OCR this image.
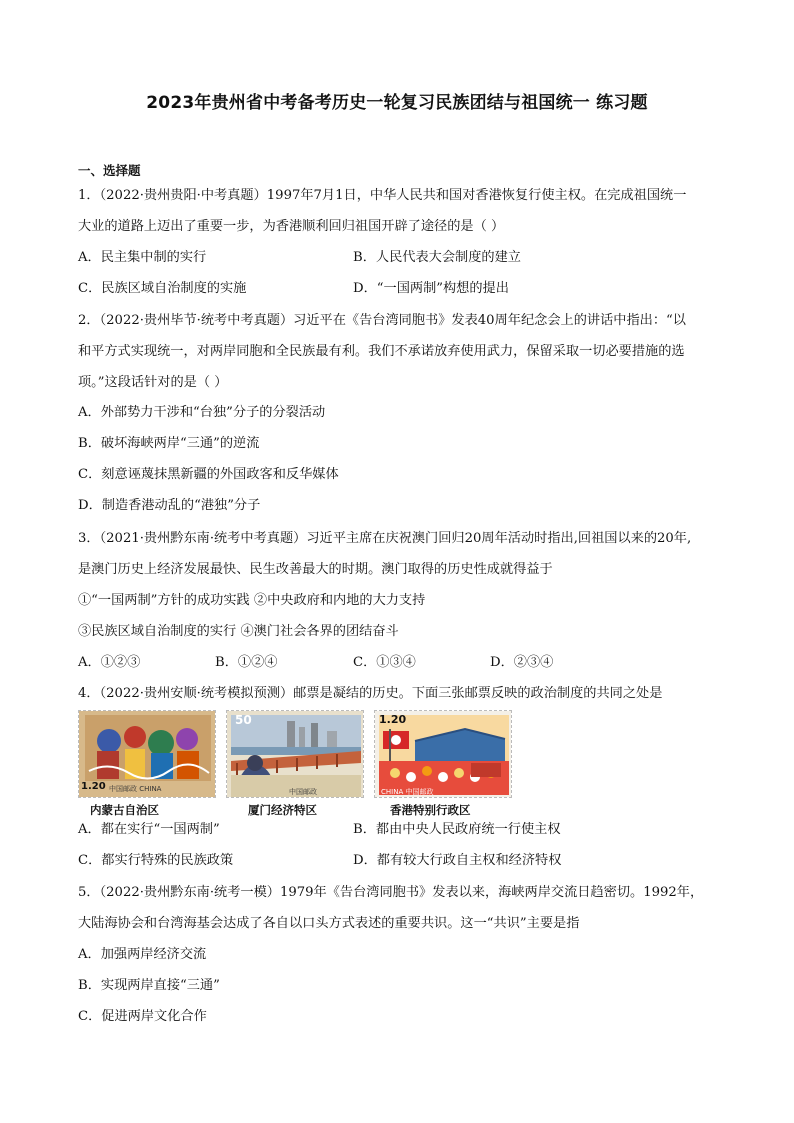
2023年贵州省中考备考历史一轮复习民族团结与祖国统一 练习题
一、选择题
1．（2022·贵州贵阳·中考真题）1997年7月1日，中华人民共和国对香港恢复行使主权。在完成祖国统一
大业的道路上迈出了重要一步，为香港顺利回归祖国开辟了途径的是（ ）
A．民主集中制的实行	B．人民代表大会制度的建立
C．民族区域自治制度的实施	D．“一国两制”构想的提出
2．（2022·贵州毕节·统考中考真题）习近平在《告台湾同胞书》发表40周年纪念会上的讲话中指出：“以
和平方式实现统一，对两岸同胞和全民族最有利。我们不承诺放弃使用武力，保留采取一切必要措施的选
项。”这段话针对的是（ ）
A．外部势力干涉和“台独”分子的分裂活动
B．破坏海峡两岸“三通”的逆流
C．刻意诬蔑抹黑新疆的外国政客和反华媒体
D．制造香港动乱的“港独”分子
3．（2021·贵州黔东南·统考中考真题）习近平主席在庆祝澳门回归20周年活动时指出,回祖国以来的20年,
是澳门历史上经济发展最快、民生改善最大的时期。澳门取得的历史性成就得益于
①“一国两制”方针的成功实践 ②中央政府和内地的大力支持
③民族区域自治制度的实行 ④澳门社会各界的团结奋斗
A．①②③	B．①②④	C．①③④	D．②③④
4．（2022·贵州安顺·统考模拟预测）邮票是凝结的历史。下面三张邮票反映的政治制度的共同之处是
1.20 中国邮政 CHINA
内蒙古自治区
50
中国邮政
厦门经济特区
1.20
CHINA 中国邮政
香港特别行政区
A．都在实行“一国两制”	B．都由中央人民政府统一行使主权
C．都实行特殊的民族政策	D．都有较大行政自主权和经济特权
5．（2022·贵州黔东南·统考一模）1979年《告台湾同胞书》发表以来，海峡两岸交流日趋密切。1992年，
大陆海协会和台湾海基会达成了各自以口头方式表述的重要共识。这一“共识”主要是指
A．加强两岸经济交流
B．实现两岸直接“三通”
C．促进两岸文化合作
